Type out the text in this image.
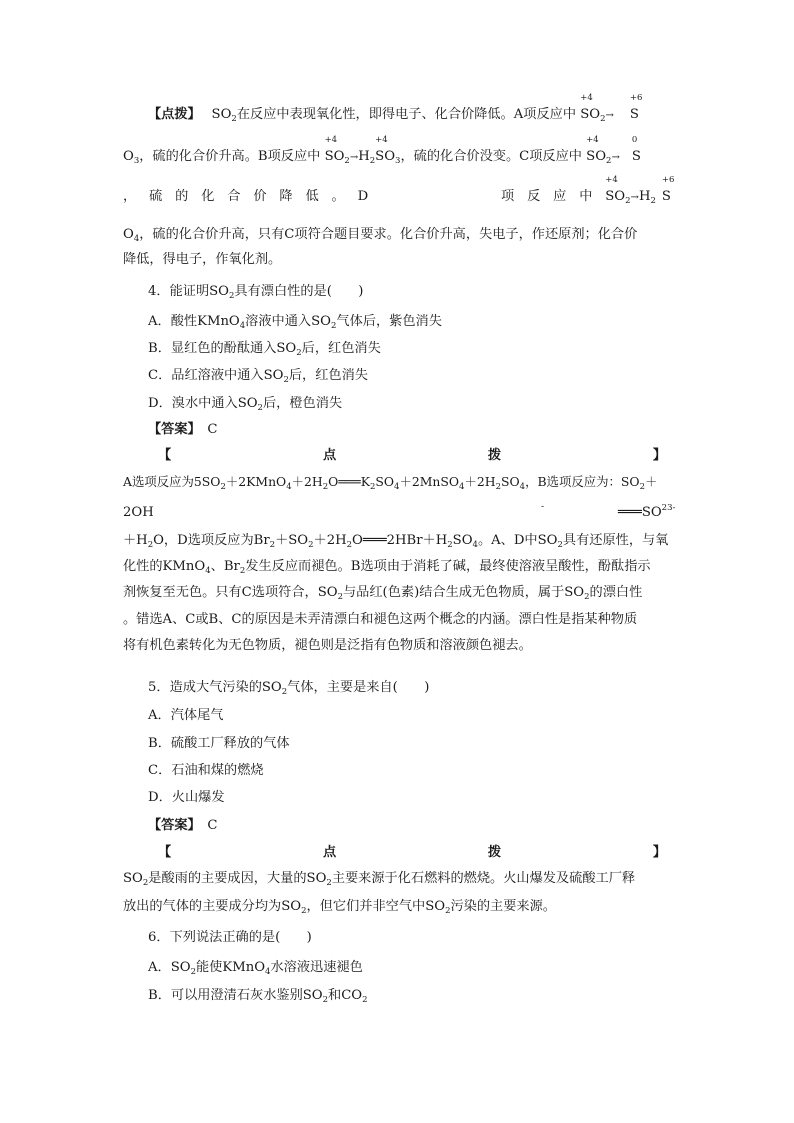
【点拨】　 $SO_2$在反应中表现氧化性，即得电子、化合价降低。A项反应中
+4
$SO_2\to$
+6
S
$O_3$，硫的化合价升高。B项反应中
+4
$SO_2\to H_2$
+4
$SO_3$，硫的化合价没变。C项反应中
+4
$SO_2\to$
0
S
， 硫 的 化 合 价 降 低 。 D	项 反 应 中
+4
$SO_2\to H_2$
+6
S
$O_4$，硫的化合价升高，只有C项符合题目要求。化合价升高，失电子，作还原剂；化合价
降低，得电子，作氧化剂。
4．能证明$SO_2$具有漂白性的是(　　)
A．酸性KMnO$_4$溶液中通入$SO_2$气体后，紫色消失
B．显红色的酚酞通入$SO_2$后，红色消失
C．品红溶液中通入$SO_2$后，红色消失
D．溴水中通入$SO_2$后，橙色消失
【答案】　 C
【	点	拨	】
A选项反应为$5SO_2+2KMnO_4+2H_2O═══K_2SO_4+2MnSO_4+2H_2SO_4$，B选项反应为：$SO_2+$
2OH	-	$═══SO^{23-}$
$+H_2O$，D选项反应为$Br_2+SO_2+2H_2O═══2HBr+H_2SO_4$。A、D中$SO_2$具有还原性，与氧
化性的KMnO$_4$、$Br_2$发生反应而褪色。B选项由于消耗了碱，最终使溶液呈酸性，酚酞指示
剂恢复至无色。只有C选项符合，$SO_2$与品红(色素)结合生成无色物质，属于$SO_2$的漂白性
。错选A、C或B、C的原因是未弄清漂白和褪色这两个概念的内涵。漂白性是指某种物质
将有机色素转化为无色物质，褪色则是泛指有色物质和溶液颜色褪去。
5．造成大气污染的$SO_2$气体，主要是来自(　　)
A．汽体尾气
B．硫酸工厂释放的气体
C．石油和煤的燃烧
D．火山爆发
【答案】　 C
【	点	拨	】
$SO_2$是酸雨的主要成因，大量的$SO_2$主要来源于化石燃料的燃烧。火山爆发及硫酸工厂释
放出的气体的主要成分均为$SO_2$，但它们并非空气中$SO_2$污染的主要来源。
6．下列说法正确的是(　　)
A．$SO_2$能使KMnO$_4$水溶液迅速褪色
B．可以用澄清石灰水鉴别$SO_2$和$CO_2$
